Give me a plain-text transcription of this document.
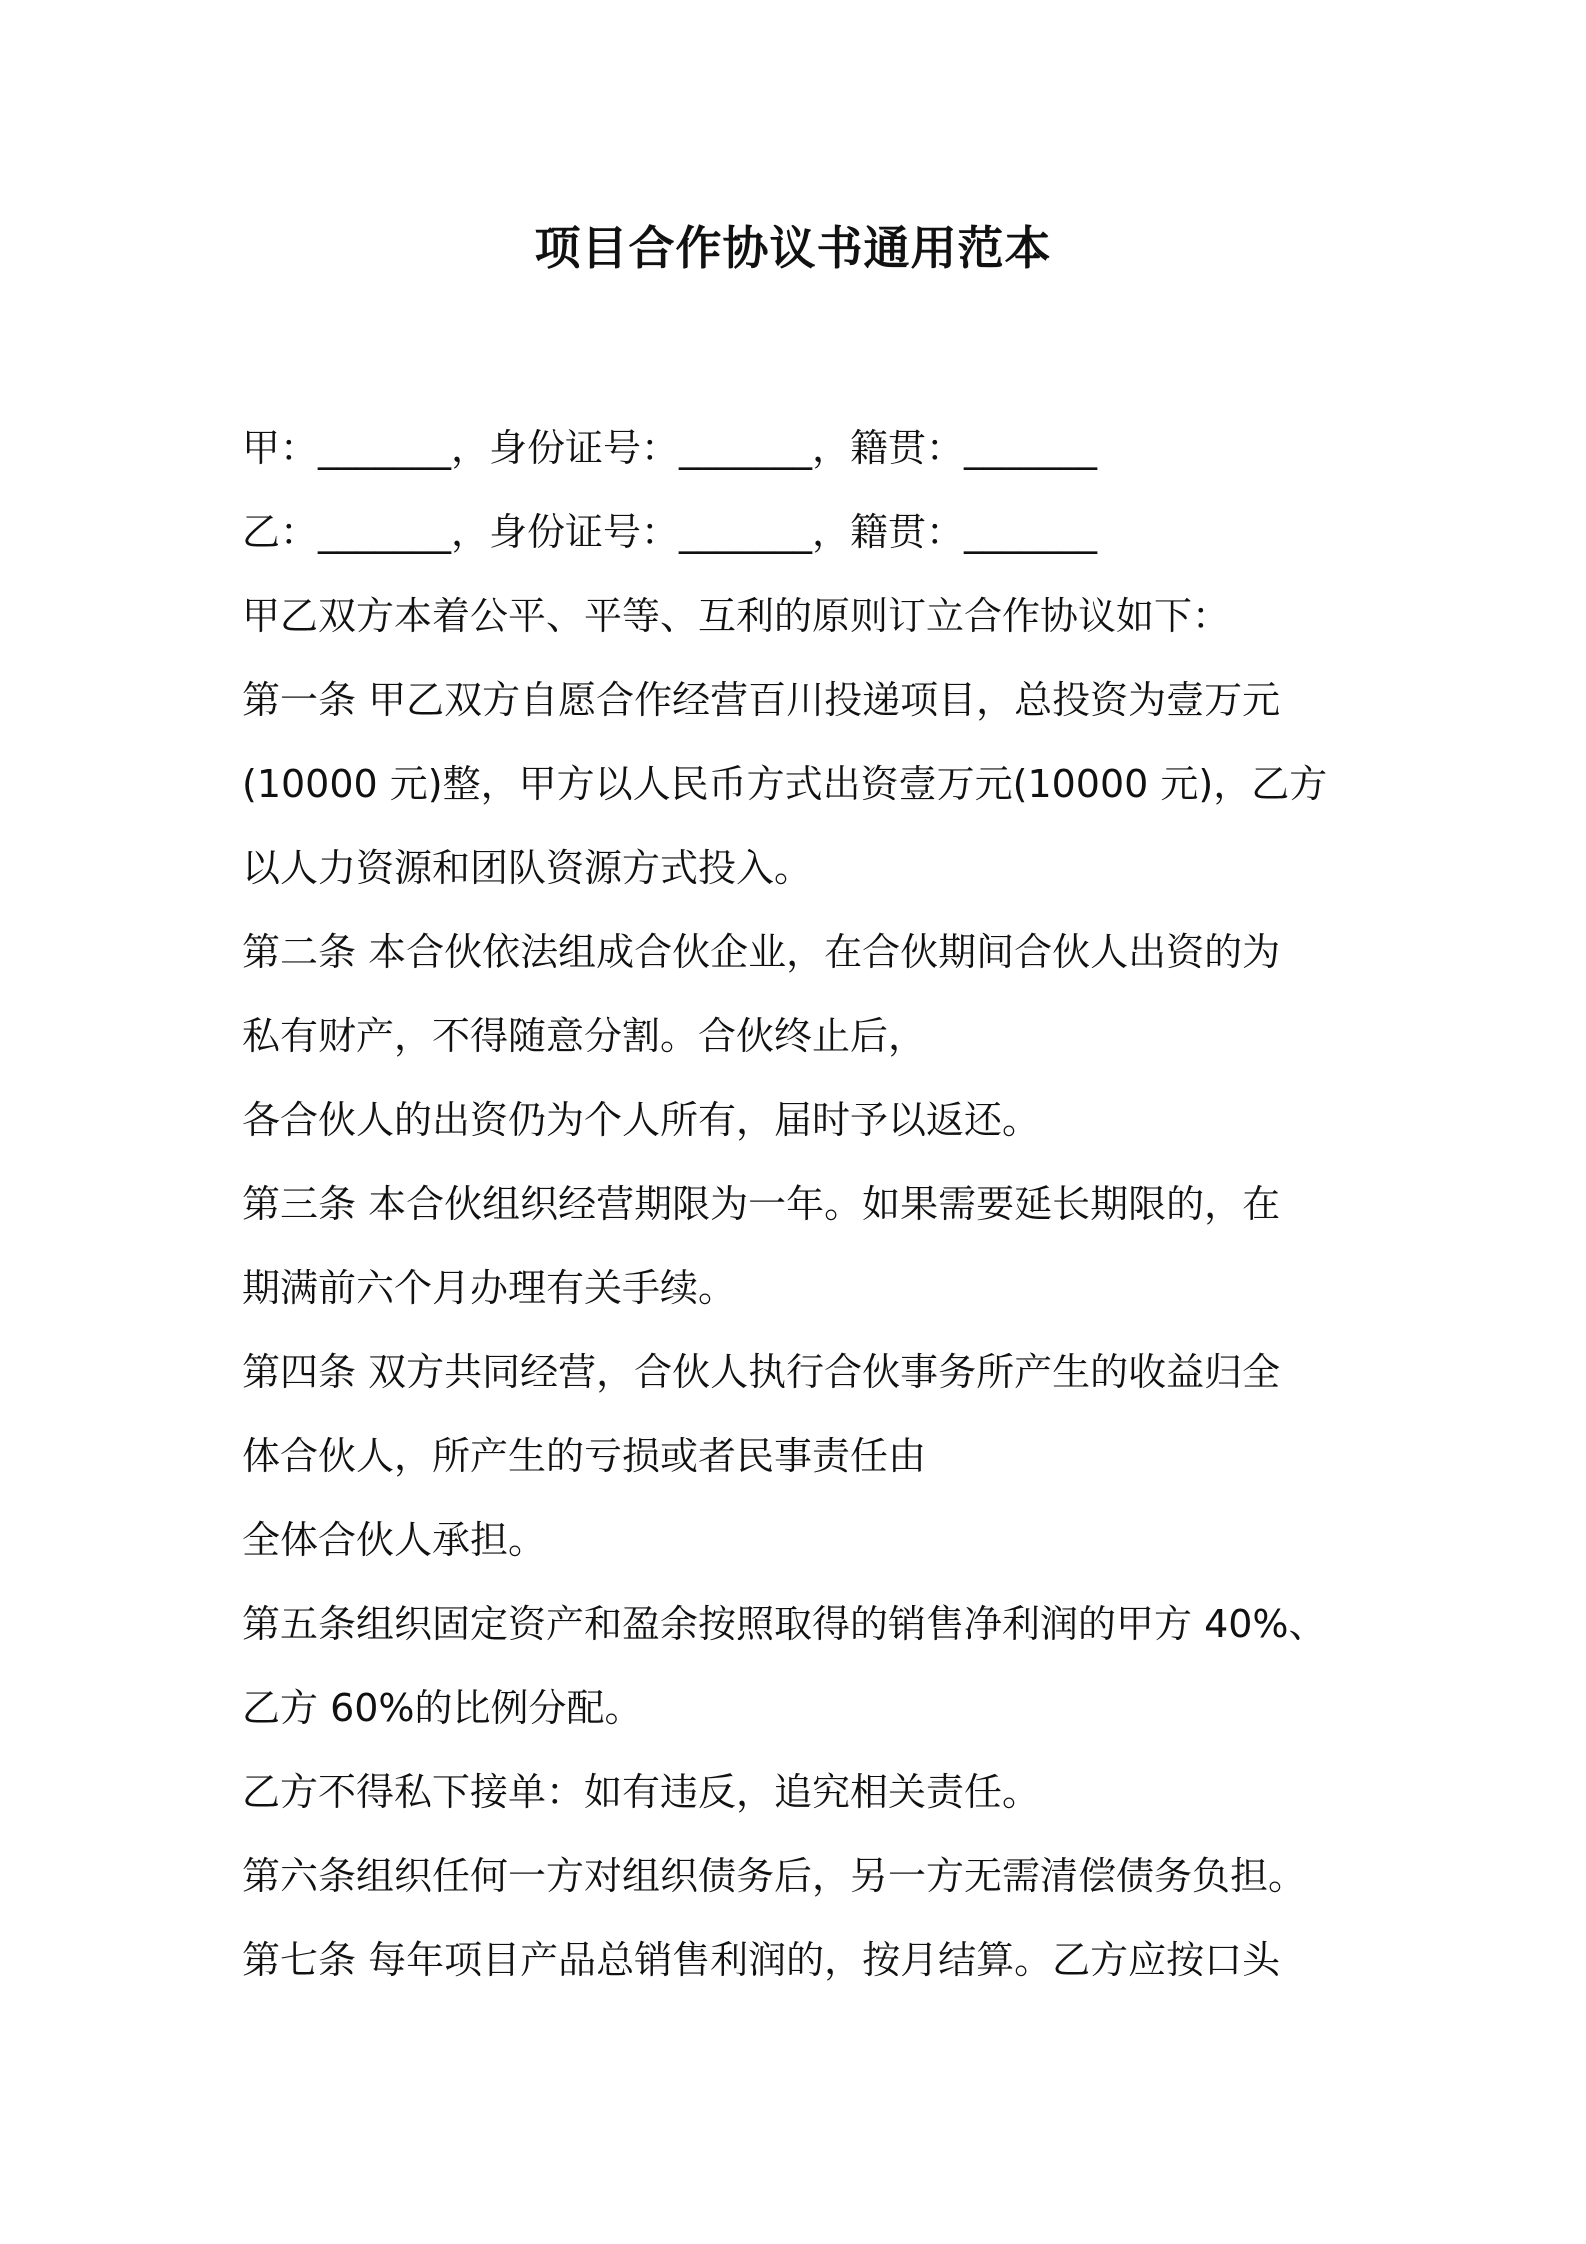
项目合作协议书通用范本
甲：_______，身份证号：_______，籍贯：_______
乙：_______，身份证号：_______，籍贯：_______
甲乙双方本着公平、平等、互利的原则订立合作协议如下：
第一条 甲乙双方自愿合作经营百川投递项目，总投资为壹万元
(10000 元)整，甲方以人民币方式出资壹万元(10000 元)，乙方
以人力资源和团队资源方式投入。
第二条 本合伙依法组成合伙企业，在合伙期间合伙人出资的为
私有财产，不得随意分割。合伙终止后，
各合伙人的出资仍为个人所有，届时予以返还。
第三条 本合伙组织经营期限为一年。如果需要延长期限的，在
期满前六个月办理有关手续。
第四条 双方共同经营，合伙人执行合伙事务所产生的收益归全
体合伙人，所产生的亏损或者民事责任由
全体合伙人承担。
第五条组织固定资产和盈余按照取得的销售净利润的甲方 40%、
乙方 60%的比例分配。
乙方不得私下接单：如有违反，追究相关责任。
第六条组织任何一方对组织债务后，另一方无需清偿债务负担。
第七条 每年项目产品总销售利润的，按月结算。乙方应按口头
